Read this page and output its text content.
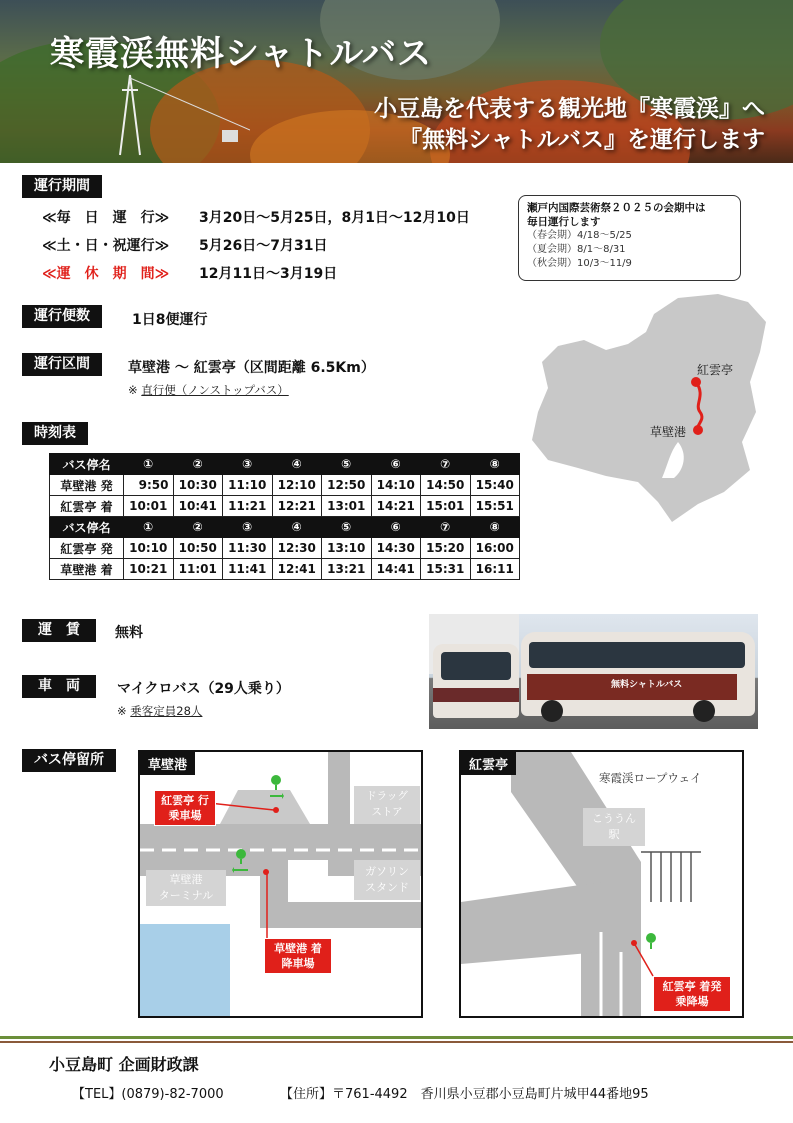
寒霞渓無料シャトルバス
小豆島を代表する観光地『寒霞渓』へ
『無料シャトルバス』を運行します
運行期間
≪毎　日　運　行≫ 3月20日～5月25日，8月1日～12月10日
≪土・日・祝運行≫ 5月26日～7月31日
≪運　休　期　間≫ 12月11日～3月19日
瀬戸内国際芸術祭２０２５の会期中は
毎日運行します
（春会期）4/18～5/25
（夏会期）8/1～8/31
（秋会期）10/3～11/9
運行便数	1日8便運行
運行区間	草壁港 〜 紅雲亭（区間距離 6.5Km）
※ 直行便（ノンストップバス）
紅雲亭
草壁港
時刻表
バス停名	①	②	③	④	⑤	⑥	⑦	⑧
草壁港 発	9:50	10:30	11:10	12:10	12:50	14:10	14:50	15:40
紅雲亭 着	10:01	10:41	11:21	12:21	13:01	14:21	15:01	15:51
バス停名	①	②	③	④	⑤	⑥	⑦	⑧
紅雲亭 発	10:10	10:50	11:30	12:30	13:10	14:30	15:20	16:00
草壁港 着	10:21	11:01	11:41	12:41	13:21	14:41	15:31	16:11
運　賃	無料
車　両	マイクロバス（29人乗り）
※ 乗客定員28人
無料シャトルバス
バス停留所
ドラッグ
ストア
草壁港
ターミナル
ガソリン
スタンド
紅雲亭 行
乗車場
草壁港 着
降車場
草壁港
寒霞渓ロープウェイ
こううん
駅
紅雲亭 着発
乗降場
紅雲亭
小豆島町 企画財政課
【TEL】(0879)-82-7000	【住所】〒761-4492　香川県小豆郡小豆島町片城甲44番地95
